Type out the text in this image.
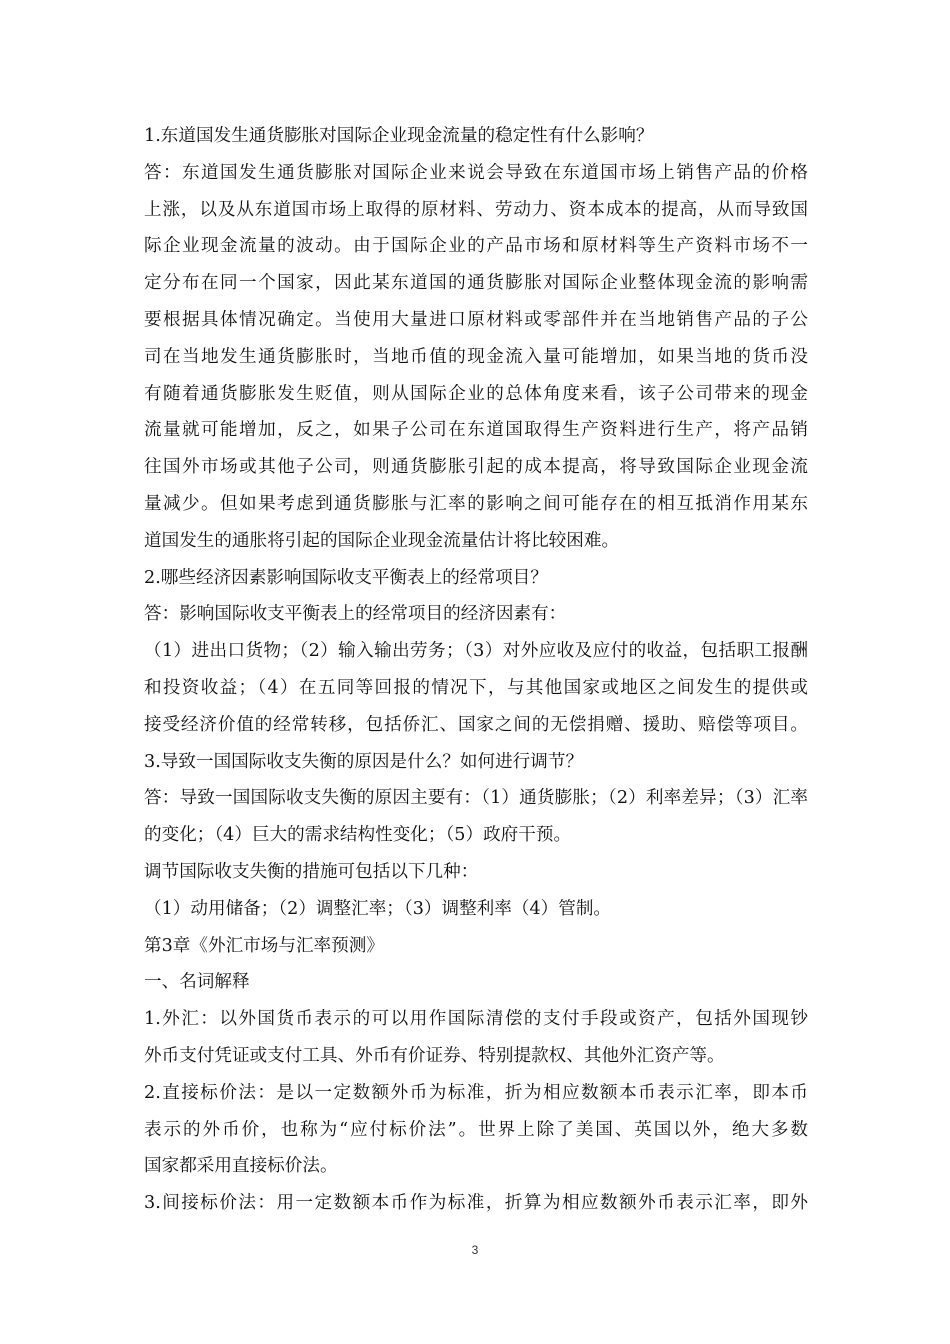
1.东道国发生通货膨胀对国际企业现金流量的稳定性有什么影响？
答：东道国发生通货膨胀对国际企业来说会导致在东道国市场上销售产品的价格
上涨，以及从东道国市场上取得的原材料、劳动力、资本成本的提高，从而导致国
际企业现金流量的波动。由于国际企业的产品市场和原材料等生产资料市场不一
定分布在同一个国家，因此某东道国的通货膨胀对国际企业整体现金流的影响需
要根据具体情况确定。当使用大量进口原材料或零部件并在当地销售产品的子公
司在当地发生通货膨胀时，当地币值的现金流入量可能增加，如果当地的货币没
有随着通货膨胀发生贬值，则从国际企业的总体角度来看，该子公司带来的现金
流量就可能增加，反之，如果子公司在东道国取得生产资料进行生产，将产品销
往国外市场或其他子公司，则通货膨胀引起的成本提高，将导致国际企业现金流
量减少。但如果考虑到通货膨胀与汇率的影响之间可能存在的相互抵消作用某东
道国发生的通胀将引起的国际企业现金流量估计将比较困难。
2.哪些经济因素影响国际收支平衡表上的经常项目？
答：影响国际收支平衡表上的经常项目的经济因素有：
（1）进出口货物；（2）输入输出劳务；（3）对外应收及应付的收益，包括职工报酬
和投资收益；（4）在五同等回报的情况下，与其他国家或地区之间发生的提供或
接受经济价值的经常转移，包括侨汇、国家之间的无偿捐赠、援助、赔偿等项目。
3.导致一国国际收支失衡的原因是什么？如何进行调节？
答：导致一国国际收支失衡的原因主要有：（1）通货膨胀；（2）利率差异；（3）汇率
的变化；（4）巨大的需求结构性变化；（5）政府干预。
调节国际收支失衡的措施可包括以下几种：
（1）动用储备；（2）调整汇率；（3）调整利率（4）管制。
第3章《外汇市场与汇率预测》
一、名词解释
1.外汇：以外国货币表示的可以用作国际清偿的支付手段或资产，包括外国现钞
外币支付凭证或支付工具、外币有价证券、特别提款权、其他外汇资产等。
2.直接标价法：是以一定数额外币为标准，折为相应数额本币表示汇率，即本币
表示的外币价，也称为“应付标价法”。世界上除了美国、英国以外，绝大多数
国家都采用直接标价法。
3.间接标价法：用一定数额本币作为标准，折算为相应数额外币表示汇率，即外
3
